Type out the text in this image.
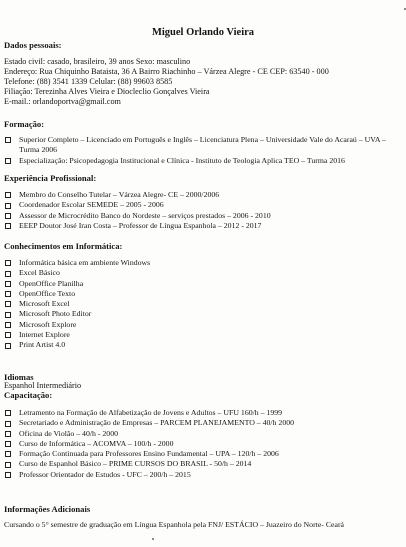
Miguel Orlando Vieira
Dados pessoais:
Estado civil: casado, brasileiro, 39 anos Sexo: masculino
Endereço: Rua Chiquinho Bataista, 36 A Bairro Riachinho – Várzea Alegre - CE CEP: 63540 - 000
Telefone: (88) 3541 1339 Celular: (88) 99603 8585
Filiação: Terezinha Alves Vieira e Diocleclio Gonçalves Vieira
E-mail.: orlandoportva@gmail.com
Formação:
Superior Completo – Licenciado em Português e Inglês – Licenciatura Plena – Universidade Vale do Acaraú – UVA – Turma 2006
Especialização: Psicopedagogia Institucional e Clínica - Instituto de Teologia Aplica TEO – Turma 2016
Experiência Profissional:
Membro do Conselho Tutelar – Várzea Alegre- CE – 2000/2006
Coordenador Escolar SEMEDE – 2005 - 2006
Assessor de Microcrédito Banco do Nordeste – serviços prestados – 2006 - 2010
EEEP Doutor José Iran Costa – Professor de Língua Espanhola – 2012 - 2017
Conhecimentos em Informática:
Informática básica em ambiente Windows
Excel Básico
OpenOffice Planilha
OpenOffice Texto
Microsoft Excel
Microsoft Photo Editor
Microsoft Explore
Internet Explore
Print Artist 4.0
Idiomas
Espanhol Intermediário
Capacitação:
Letramento na Formação de Alfabetização de Jovens e Adultos – UFU 160/h – 1999
Secretariado e Administração de Empresas – PARCEM PLANEJAMENTO – 40/h 2000
Oficina de Violão – 40/h - 2000
Curso de Informática – ACOMVA – 100/h - 2000
Formação Continuada para Professores Ensino Fundamental – UPA – 120/h – 2006
Curso de Espanhol Básico – PRIME CURSOS DO BRASIL - 50/h – 2014
Professor Orientador de Estudos - UFC – 200/h – 2015
Informações Adicionais
Cursando o 5° semestre de graduação em Língua Espanhola pela FNJ/ ESTÁCIO – Juazeiro do Norte- Ceará
